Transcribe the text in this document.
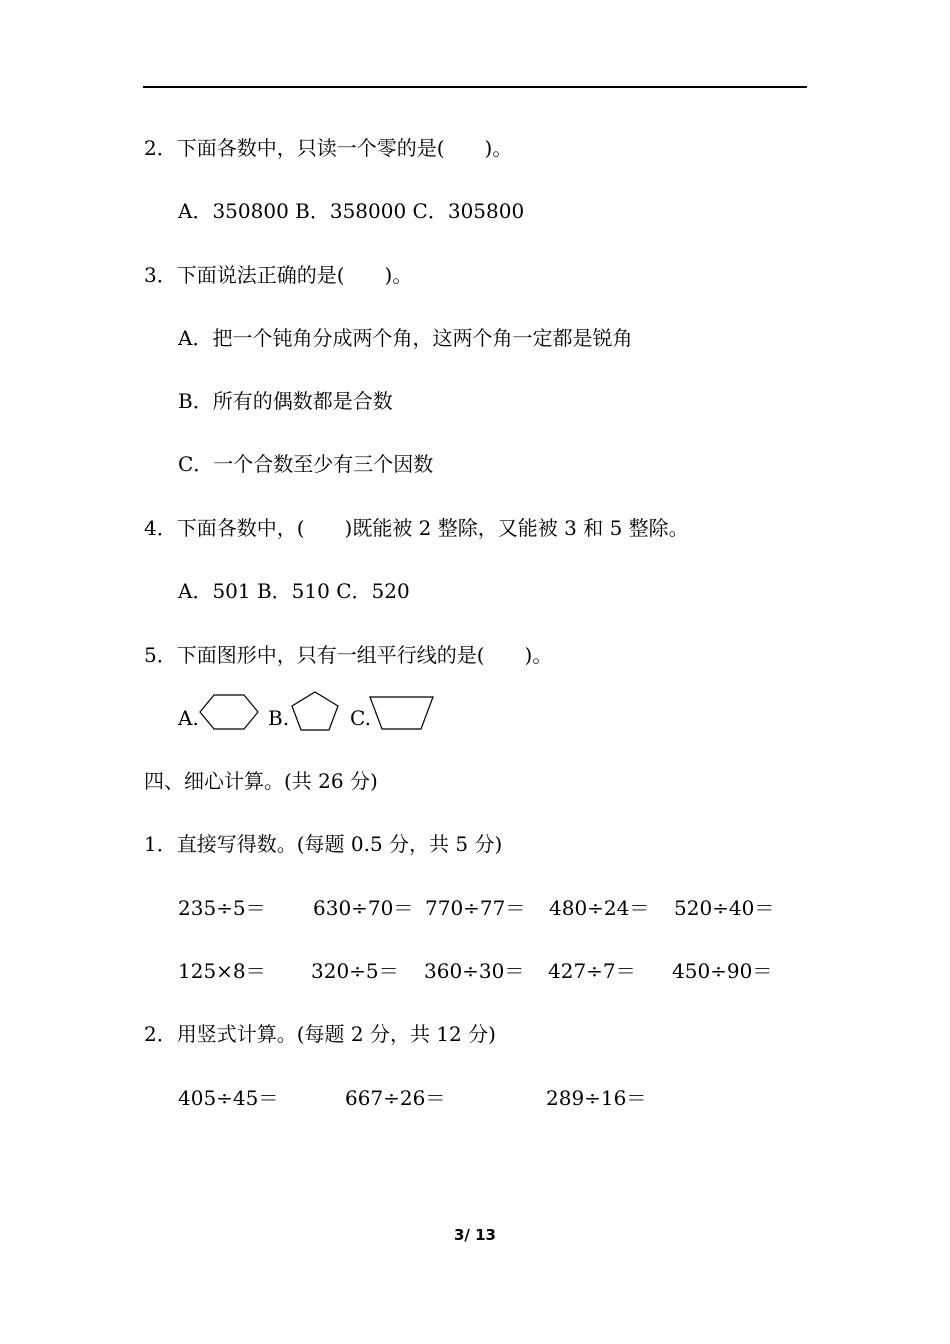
2．下面各数中，只读一个零的是(　　)。
A．350800 B．358000 C．305800
3．下面说法正确的是(　　)。
A．把一个钝角分成两个角，这两个角一定都是锐角
B．所有的偶数都是合数
C．一个合数至少有三个因数
4．下面各数中，(　　)既能被 2 整除，又能被 3 和 5 整除。
A．501 B．510 C．520
5．下面图形中，只有一组平行线的是(　　)。
A.	B.	C.
四、细心计算。(共 26 分)
1．直接写得数。(每题 0.5 分，共 5 分)
235÷5＝ 630÷70＝ 770÷77＝ 480÷24＝ 520÷40＝
125×8＝ 320÷5＝ 360÷30＝ 427÷7＝ 450÷90＝
2．用竖式计算。(每题 2 分，共 12 分)
405÷45＝	667÷26＝	289÷16＝
3/ 13
